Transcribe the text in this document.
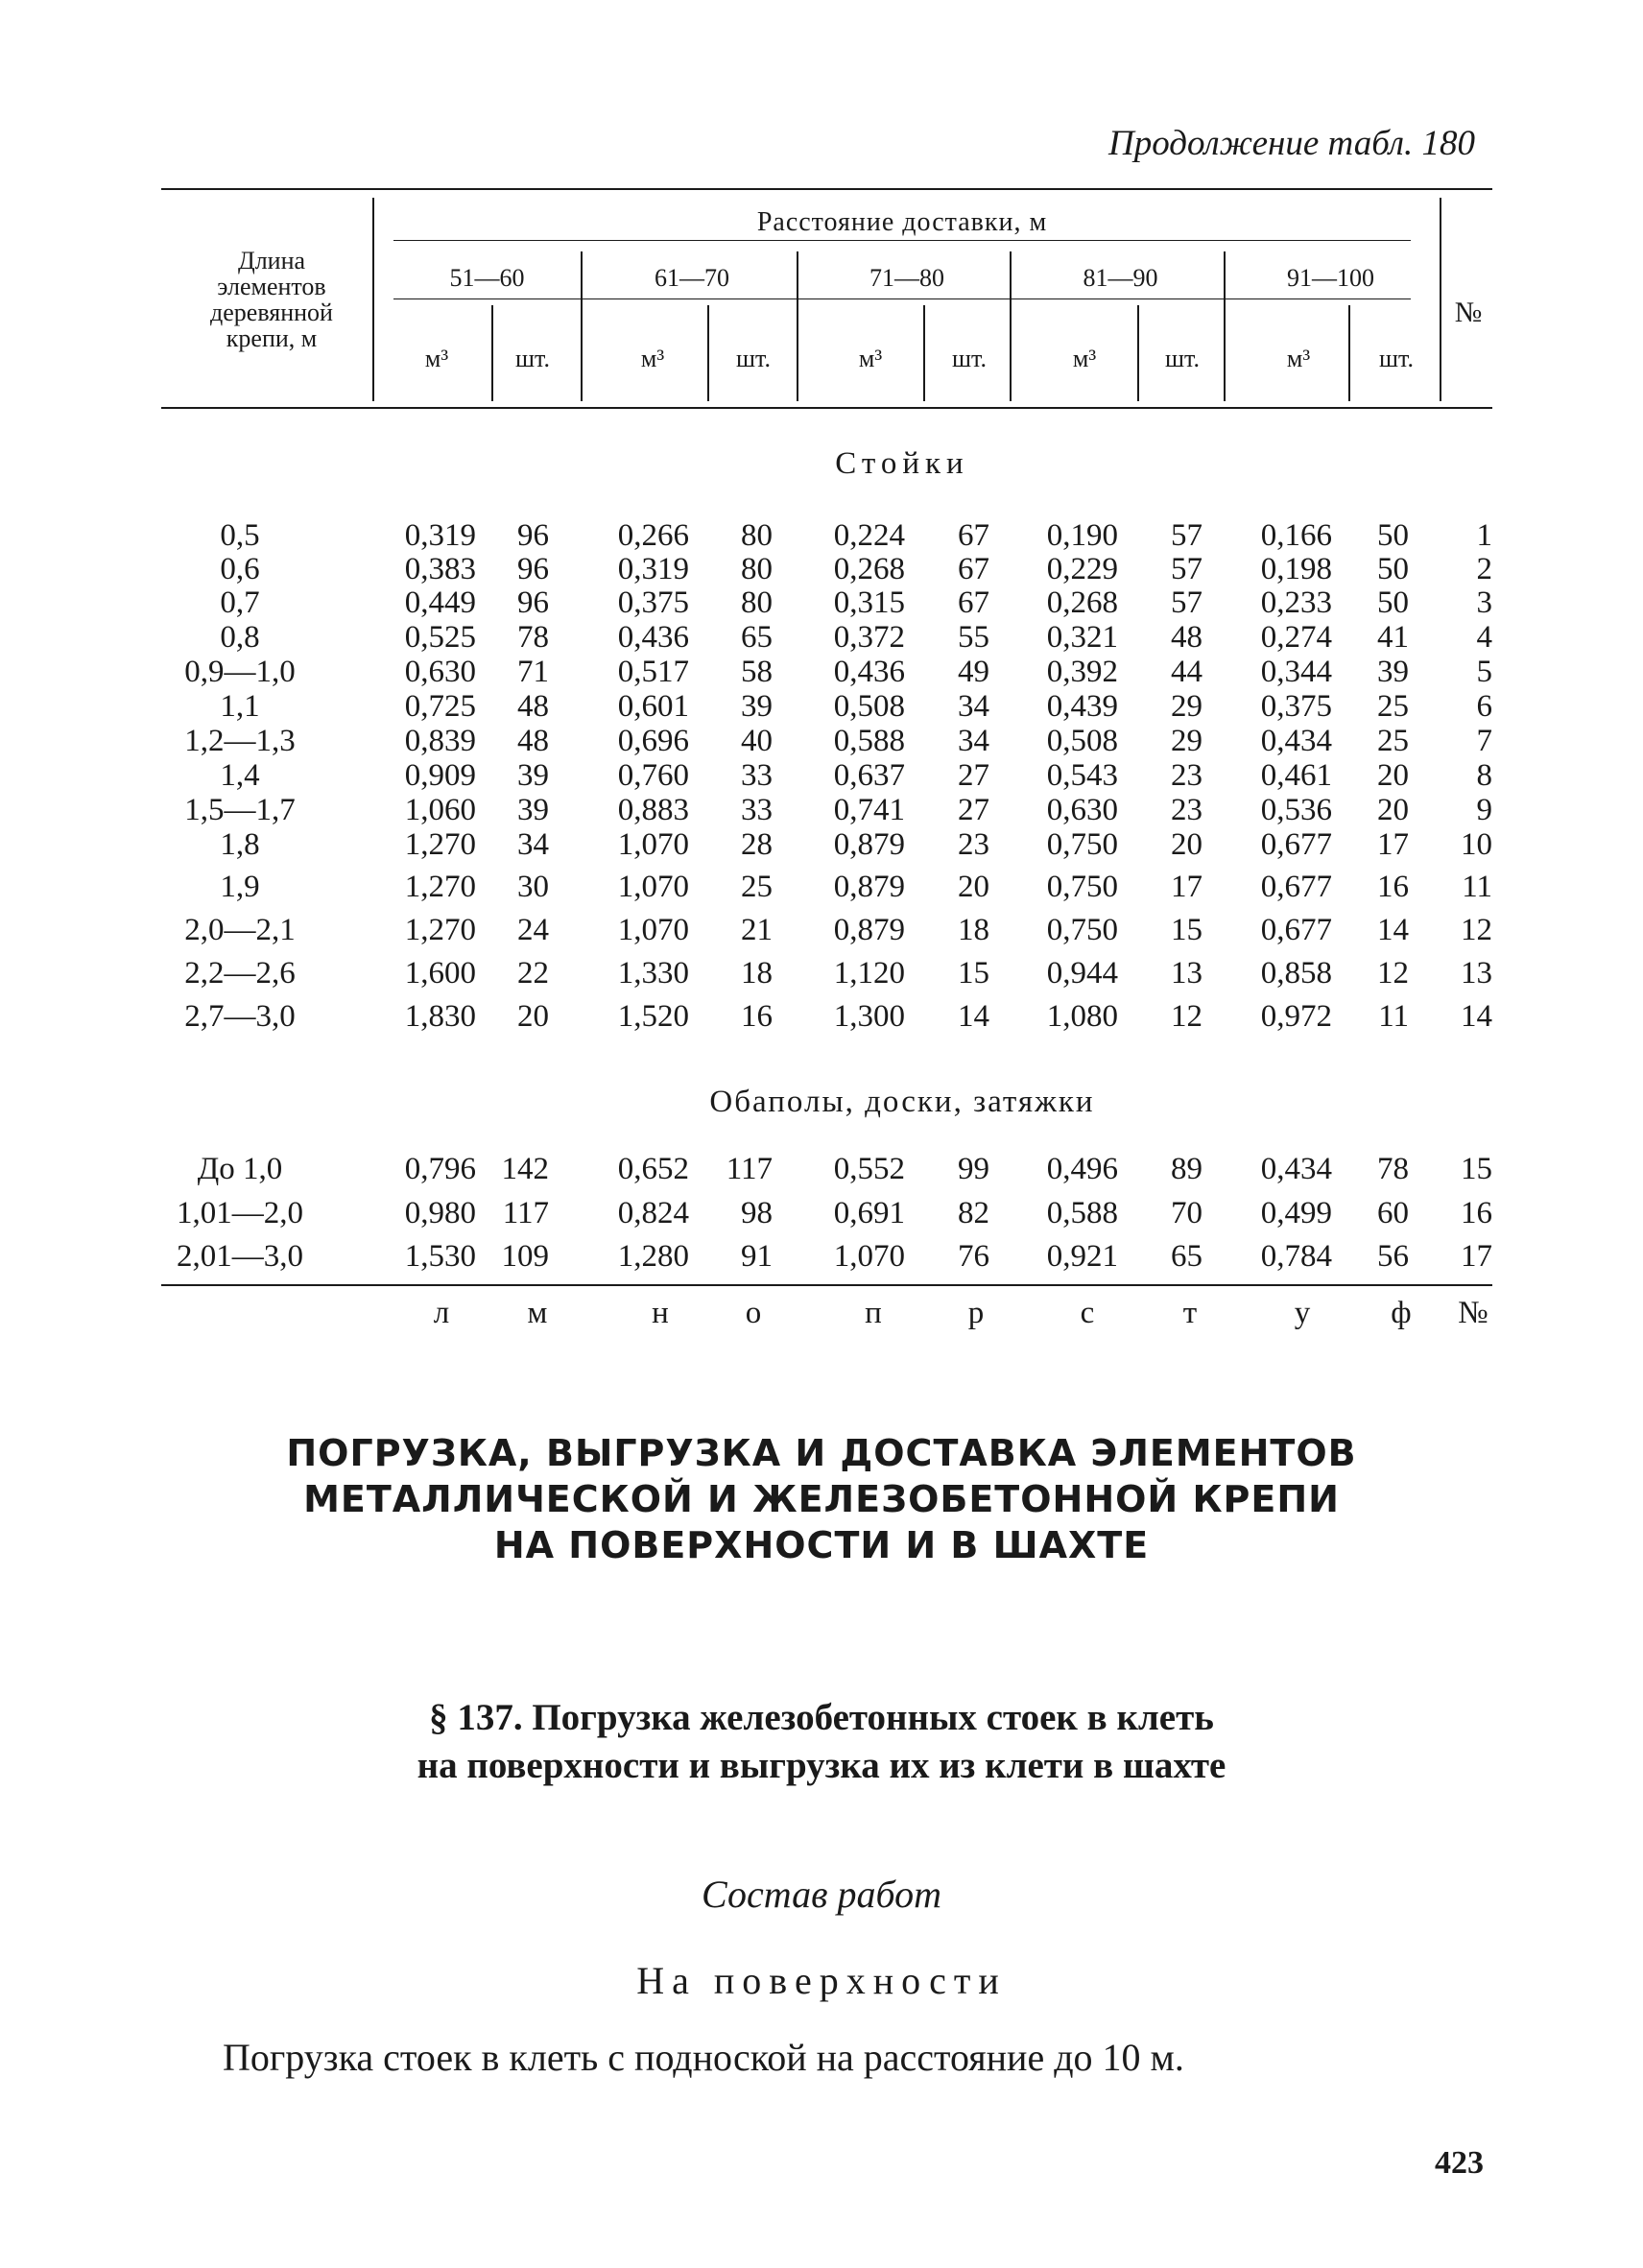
Продолжение табл. 180
Длина
элементов
деревянной
крепи, м
Расстояние доставки, м
№
51—60	61—70	71—80	81—90	91—100
м³	шт.	м³	шт.	м³	шт.	м³	шт.	м³	шт.
Стойки
0,5	0,319	96	0,266	80	0,224	67	0,190	57	0,166	50	1
0,6	0,383	96	0,319	80	0,268	67	0,229	57	0,198	50	2
0,7	0,449	96	0,375	80	0,315	67	0,268	57	0,233	50	3
0,8	0,525	78	0,436	65	0,372	55	0,321	48	0,274	41	4
0,9—1,0	0,630	71	0,517	58	0,436	49	0,392	44	0,344	39	5
1,1	0,725	48	0,601	39	0,508	34	0,439	29	0,375	25	6
1,2—1,3	0,839	48	0,696	40	0,588	34	0,508	29	0,434	25	7
1,4	0,909	39	0,760	33	0,637	27	0,543	23	0,461	20	8
1,5—1,7	1,060	39	0,883	33	0,741	27	0,630	23	0,536	20	9
1,8	1,270	34	1,070	28	0,879	23	0,750	20	0,677	17	10
1,9	1,270	30	1,070	25	0,879	20	0,750	17	0,677	16	11
2,0—2,1	1,270	24	1,070	21	0,879	18	0,750	15	0,677	14	12
2,2—2,6	1,600	22	1,330	18	1,120	15	0,944	13	0,858	12	13
2,7—3,0	1,830	20	1,520	16	1,300	14	1,080	12	0,972	11	14
Обаполы, доски, затяжки
До 1,0	0,796 142	0,652	117	0,552	99	0,496	89	0,434	78	15
1,01—2,0	0,980 117	0,824	98	0,691	82	0,588	70	0,499	60	16
2,01—3,0	1,530 109	1,280	91	1,070	76	0,921	65	0,784	56	17
л	м	н	о	п	р	с	т	у	ф №
ПОГРУЗКА, ВЫГРУЗКА И ДОСТАВКА ЭЛЕМЕНТОВ
МЕТАЛЛИЧЕСКОЙ И ЖЕЛЕЗОБЕТОННОЙ КРЕПИ
НА ПОВЕРХНОСТИ И В ШАХТЕ
§ 137. Погрузка железобетонных стоек в клеть
на поверхности и выгрузка их из клети в шахте
Состав работ
На поверхности
Погрузка стоек в клеть с подноской на расстояние до 10 м.
423
